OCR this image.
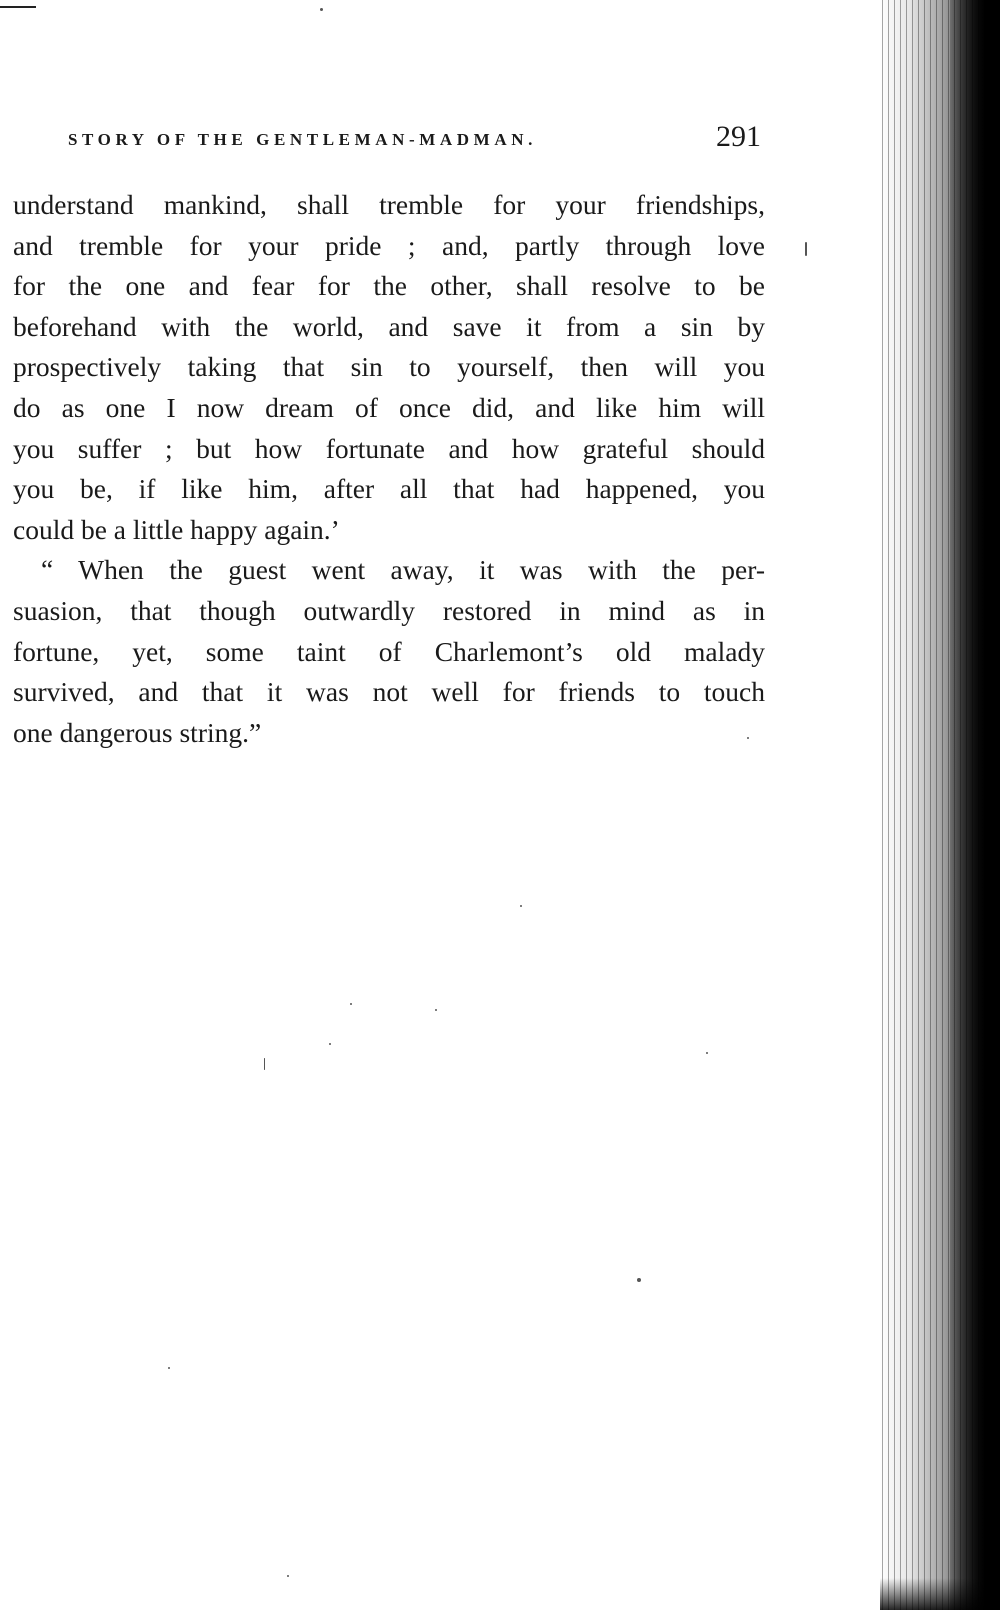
STORY OF THE GENTLEMAN-MADMAN.	291
understand mankind, shall tremble for your friendships,
and tremble for your pride ; and, partly through love
for the one and fear for the other, shall resolve to be
beforehand with the world, and save it from a sin by
prospectively taking that sin to yourself, then will you
do as one I now dream of once did, and like him will
you suffer ; but how fortunate and how grateful should
you be, if like him, after all that had happened, you
could be a little happy again.’
“ When the guest went away, it was with the per-
suasion, that though outwardly restored in mind as in
fortune, yet, some taint of Charlemont’s old malady
survived, and that it was not well for friends to touch
one dangerous string.”
